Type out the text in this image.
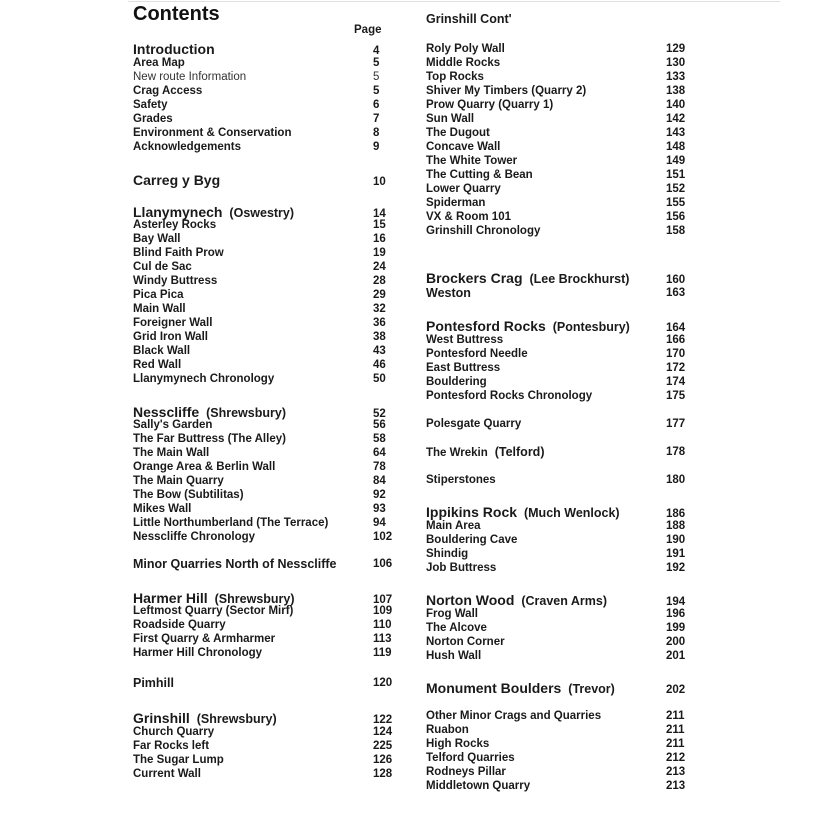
Contents
Page
Grinshill Cont'
Introduction	4
Area Map	5
New route Information	5
Crag Access	5
Safety	6
Grades	7
Environment & Conservation	8
Acknowledgements	9
Carreg y Byg	10
Llanymynech  (Oswestry)	14
Asterley Rocks	15
Bay Wall	16
Blind Faith Prow	19
Cul de Sac	24
Windy Buttress	28
Pica Pica	29
Main Wall	32
Foreigner Wall	36
Grid Iron Wall	38
Black Wall	43
Red Wall	46
Llanymynech Chronology	50
Nesscliffe  (Shrewsbury)	52
Sally's Garden	56
The Far Buttress (The Alley)	58
The Main Wall	64
Orange Area & Berlin Wall	78
The Main Quarry	84
The Bow (Subtilitas)	92
Mikes Wall	93
Little Northumberland (The Terrace)	94
Nesscliffe Chronology	102
Minor Quarries North of Nesscliffe	106
Harmer Hill  (Shrewsbury)	107
Leftmost Quarry (Sector Mirf)	109
Roadside Quarry	110
First Quarry & Armharmer	113
Harmer Hill Chronology	119
Pimhill	120
Grinshill  (Shrewsbury)	122
Church Quarry	124
Far Rocks left	225
The Sugar Lump	126
Current Wall	128
Roly Poly Wall	129
Middle Rocks	130
Top Rocks	133
Shiver My Timbers (Quarry 2)	138
Prow Quarry (Quarry 1)	140
Sun Wall	142
The Dugout	143
Concave Wall	148
The White Tower	149
The Cutting & Bean	151
Lower Quarry	152
Spiderman	155
VX & Room 101	156
Grinshill Chronology	158
Brockers Crag  (Lee Brockhurst)	160
Weston	163
Pontesford Rocks  (Pontesbury)	164
West Buttress	166
Pontesford Needle	170
East Buttress	172
Bouldering	174
Pontesford Rocks Chronology	175
Polesgate Quarry	177
The Wrekin  (Telford)	178
Stiperstones	180
Ippikins Rock  (Much Wenlock)	186
Main Area	188
Bouldering Cave	190
Shindig	191
Job Buttress	192
Norton Wood  (Craven Arms)	194
Frog Wall	196
The Alcove	199
Norton Corner	200
Hush Wall	201
Monument Boulders  (Trevor)	202
Other Minor Crags and Quarries	211
Ruabon	211
High Rocks	211
Telford Quarries	212
Rodneys Pillar	213
Middletown Quarry	213
